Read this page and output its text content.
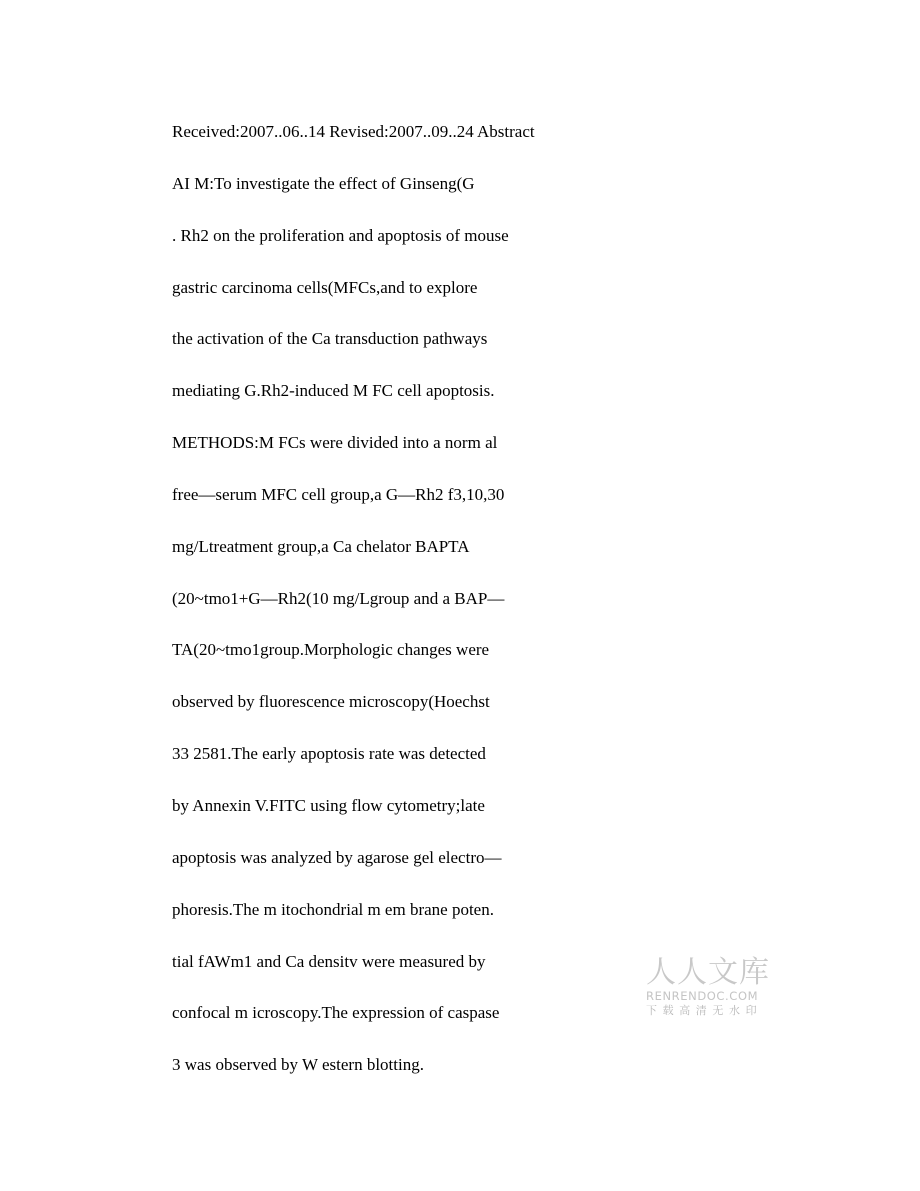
Received:2007..06..14 Revised:2007..09..24 Abstract
AI M:To investigate the effect of Ginseng(G
. Rh2 on the proliferation and apoptosis of mouse
gastric carcinoma cells(MFCs,and to explore
the activation of the Ca transduction pathways
mediating G.Rh2-induced M FC cell apoptosis.
METHODS:M FCs were divided into a norm al
free—serum MFC cell group,a G—Rh2 f3,10,30
mg/Ltreatment group,a Ca chelator BAPTA
(20~tmo1+G—Rh2(10 mg/Lgroup and a BAP—
TA(20~tmo1group.Morphologic changes were
observed by fluorescence microscopy(Hoechst
33 2581.The early apoptosis rate was detected
by Annexin V.FITC using flow cytometry;late
apoptosis was analyzed by agarose gel electro—
phoresis.The m itochondrial m em brane poten.
tial fAWm1 and Ca densitv were measured by
confocal m icroscopy.The expression of caspase
3 was observed by W estern blotting.
人人文库
RENRENDOC.COM
下载高清无水印
